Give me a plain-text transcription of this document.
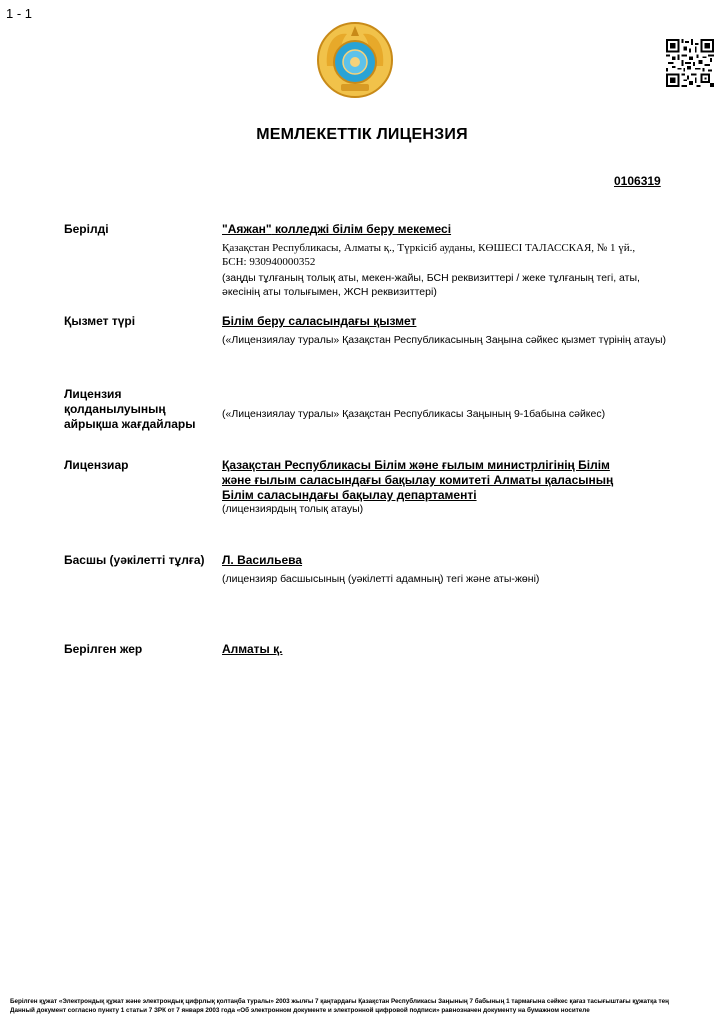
1 - 1
МЕМЛЕКЕТТІК ЛИЦЕНЗИЯ
0106319
Берілді	"Аяжан" колледжі білім беру мекемесі
Қазақстан Республикасы, Алматы қ., Түркісіб ауданы, КӨШЕСІ ТАЛАССКАЯ, № 1 үй.,
БСН: 930940000352
(заңды тұлғаның толық аты, мекен-жайы, БСН реквизиттері / жеке тұлғаның тегі, аты, әкесінің аты толығымен, ЖСН реквизиттері)
Қызмет түрі	Білім беру саласындағы қызмет
(«Лицензиялау туралы» Қазақстан Республикасының Заңына сәйкес қызмет түрінің атауы)
Лицензия
қолданылуының
айрықша жағдайлары
(«Лицензиялау туралы» Қазақстан Республикасы Заңының 9-1бабына сәйкес)
Лицензиар	Қазақстан Республикасы Білім және ғылым министрлігінің Білім
және ғылым саласындағы бақылау комитеті Алматы қаласының
Білім саласындағы бақылау департаменті
(лицензиярдың толық атауы)
Басшы (уәкілетті тұлға) Л. Васильева
(лицензияр басшысының (уәкілетті адамның) тегі және аты-жөні)
Берілген жер	Алматы қ.
Берілген құжат «Электрондық құжат және электрондық цифрлық қолтаңба туралы» 2003 жылғы 7 қаңтардағы Қазақстан Республикасы Заңының 7 бабының 1 тармағына сәйкес қағаз тасығыштағы құжатқа тең
Данный документ согласно пункту 1 статьи 7 ЗРК от 7 января 2003 года «Об электронном документе и электронной цифровой подписи» равнозначен документу на бумажном носителе
